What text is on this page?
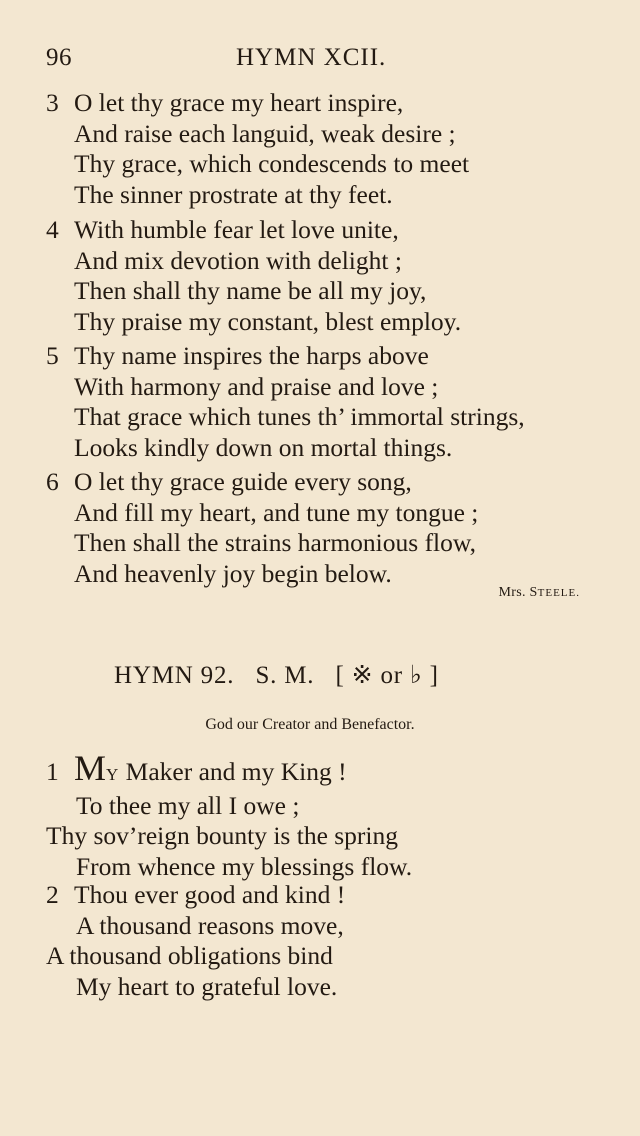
96	HYMN XCII.
3 O let thy grace my heart inspire,
And raise each languid, weak desire ;
Thy grace, which condescends to meet
The sinner prostrate at thy feet.
4 With humble fear let love unite,
And mix devotion with delight ;
Then shall thy name be all my joy,
Thy praise my constant, blest employ.
5 Thy name inspires the harps above
With harmony and praise and love ;
That grace which tunes th’ immortal strings,
Looks kindly down on mortal things.
6 O let thy grace guide every song,
And fill my heart, and tune my tongue ;
Then shall the strains harmonious flow,
And heavenly joy begin below.
Mrs. STEELE.
HYMN 92.   S. M.   [ ※ or ♭ ]
God our Creator and Benefactor.
1 MY Maker and my King !
To thee my all I owe ;
Thy sov’reign bounty is the spring
From whence my blessings flow.
2 Thou ever good and kind !
A thousand reasons move,
A thousand obligations bind
My heart to grateful love.
